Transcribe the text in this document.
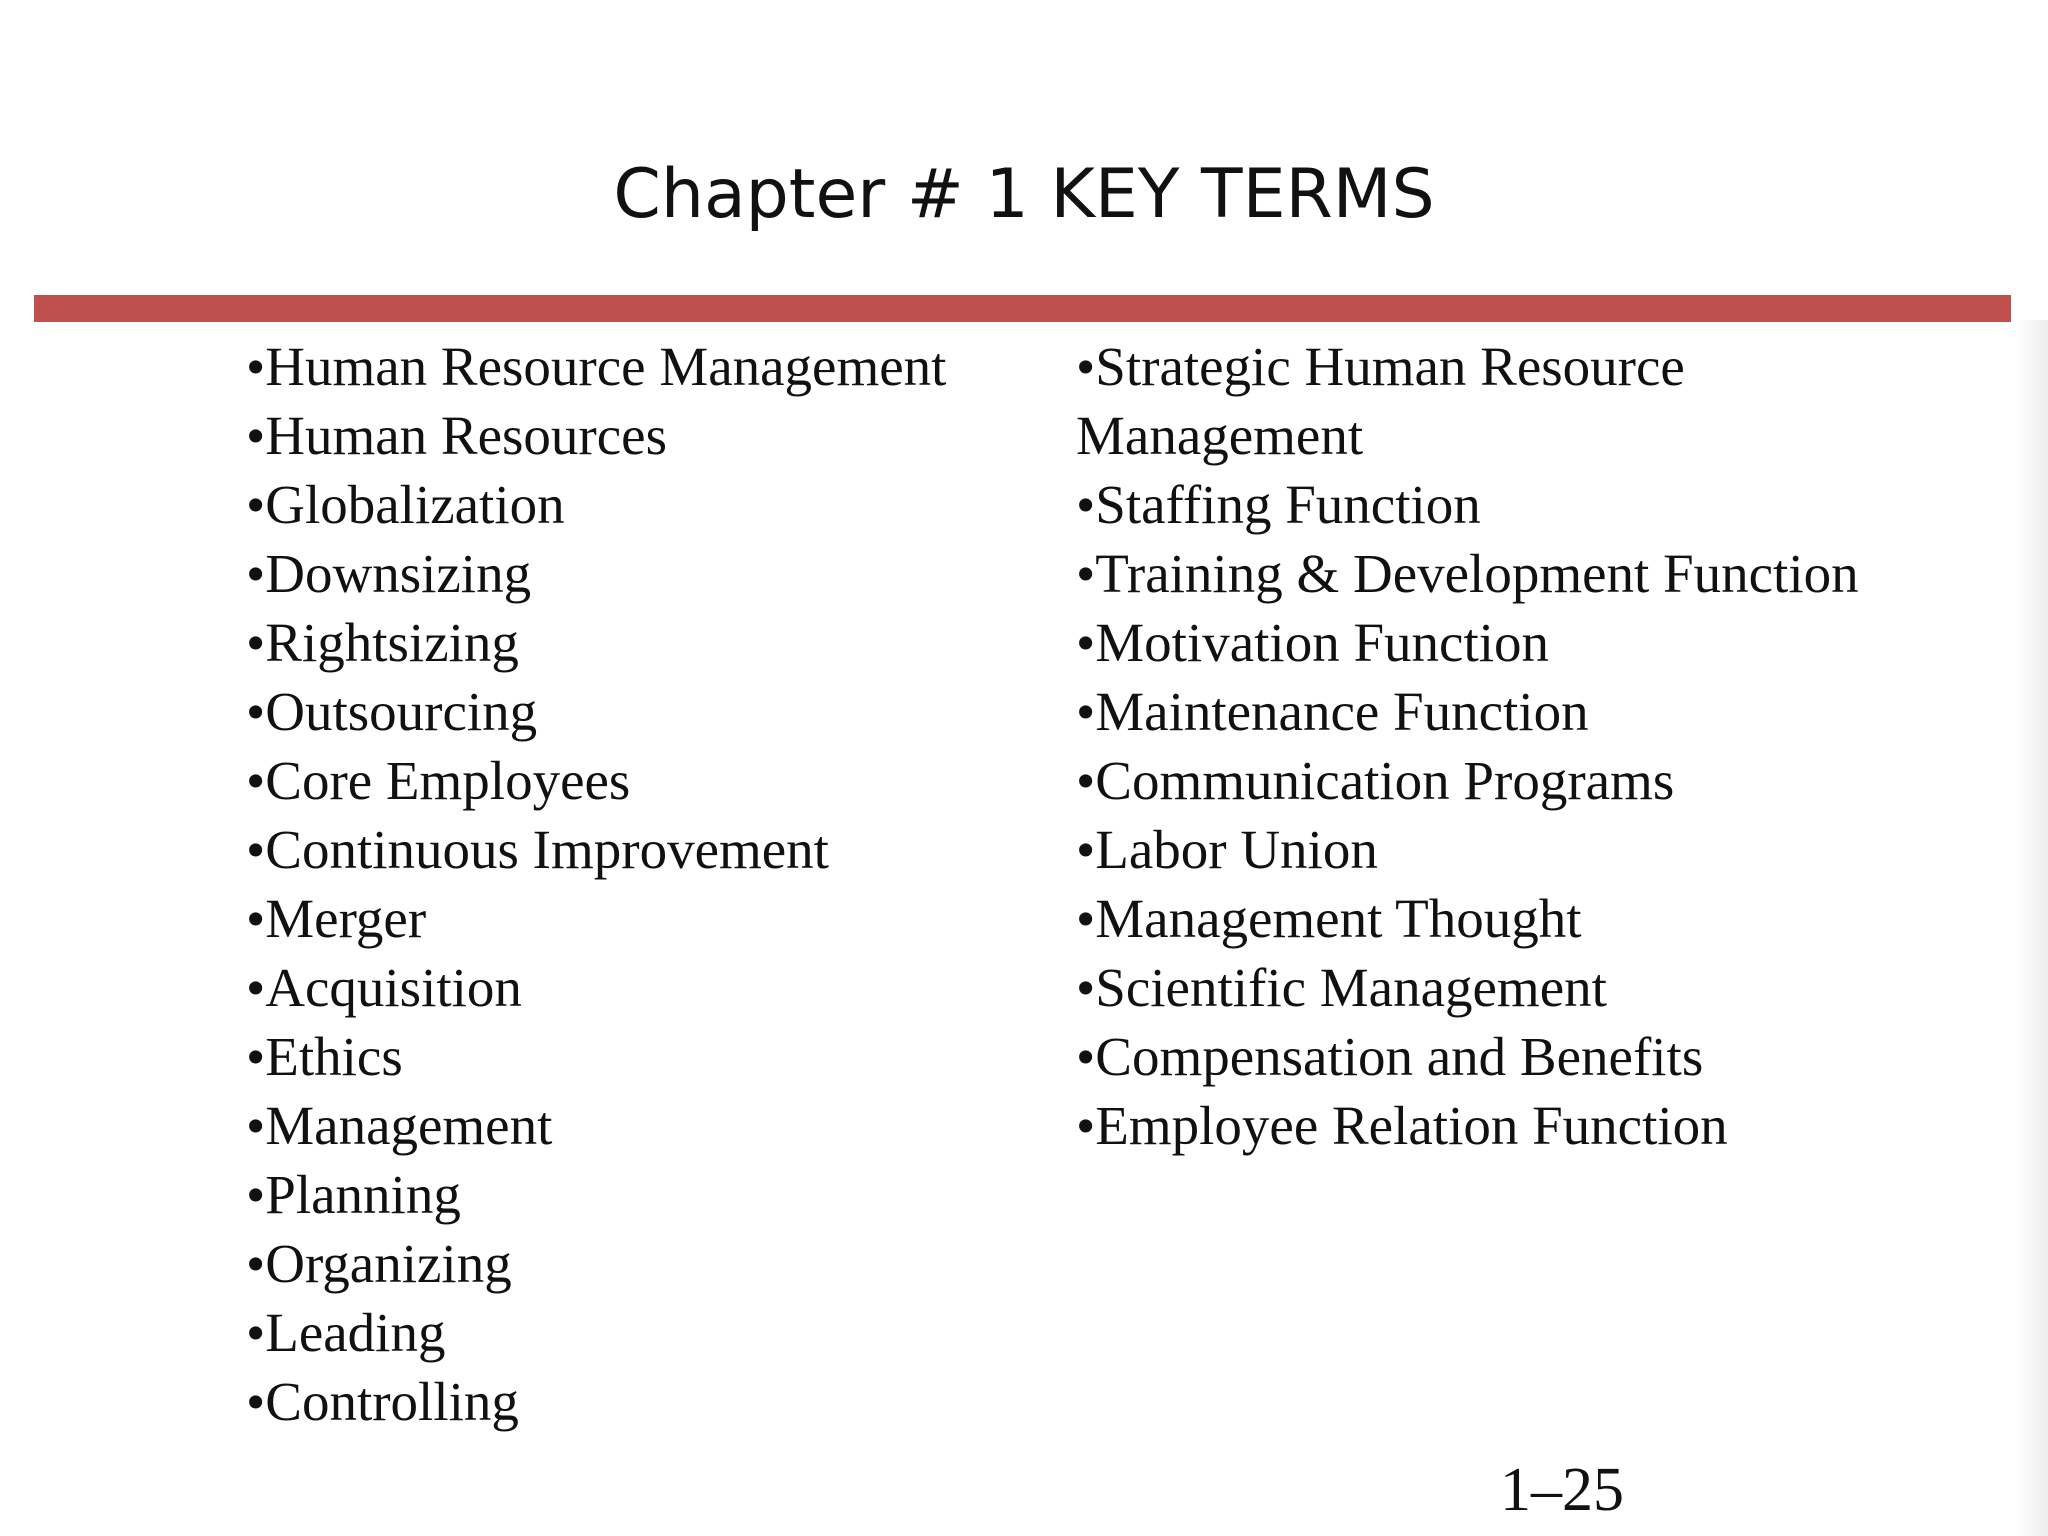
Chapter # 1 KEY TERMS
•Human Resource Management
•Human Resources
•Globalization
•Downsizing
•Rightsizing
•Outsourcing
•Core Employees
•Continuous Improvement
•Merger
•Acquisition
•Ethics
•Management
•Planning
•Organizing
•Leading
•Controlling
•Strategic Human Resource Management
•Staffing Function
•Training & Development Function
•Motivation Function
•Maintenance Function
•Communication Programs
•Labor Union
•Management Thought
•Scientific Management
•Compensation and Benefits
•Employee Relation Function
1–25
